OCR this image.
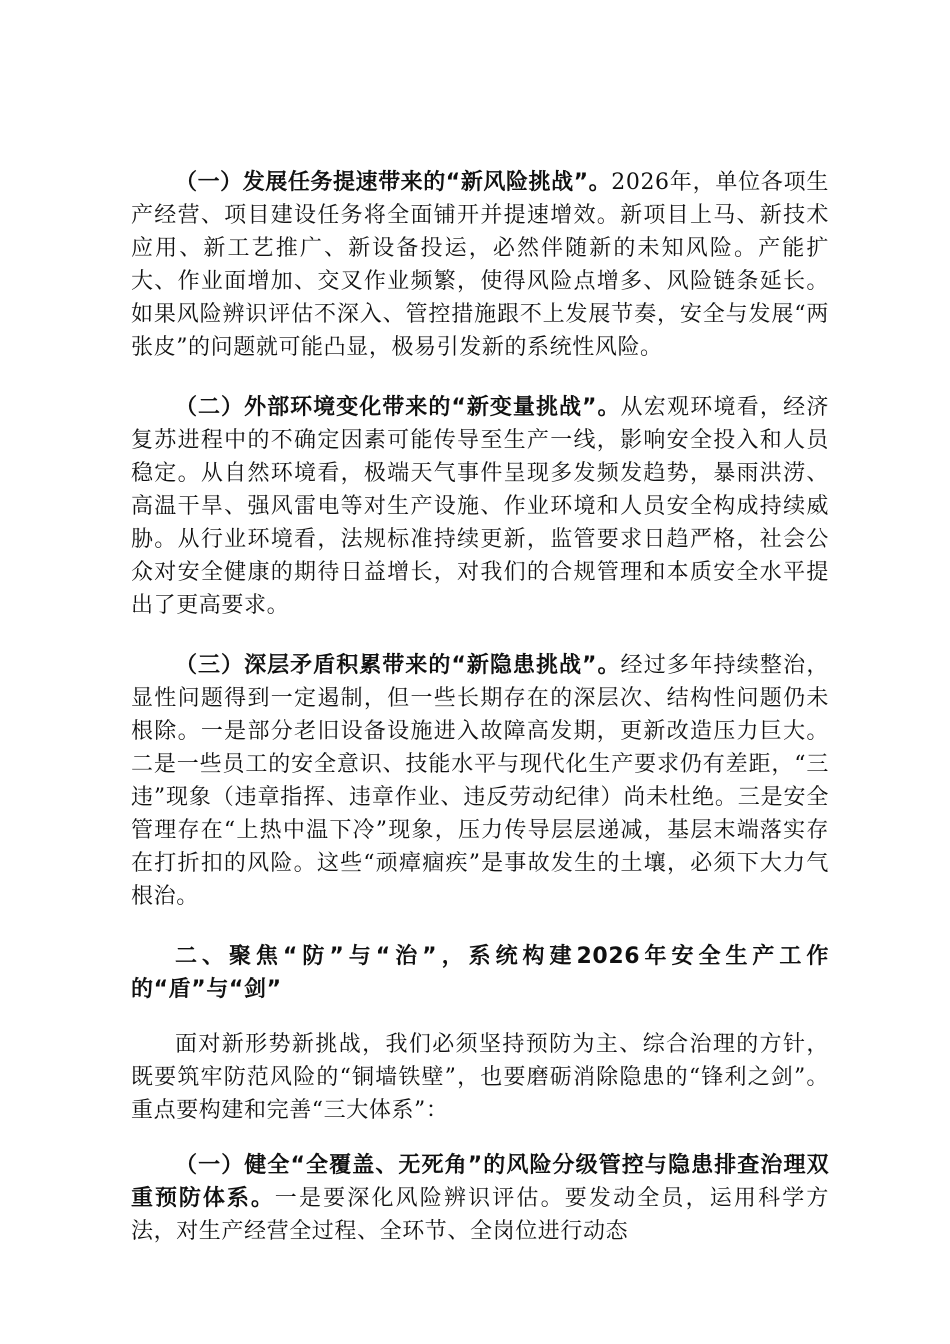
（一）发展任务提速带来的“新风险挑战”。2026年，单位各项生产经营、项目建设任务将全面铺开并提速增效。新项目上马、新技术应用、新工艺推广、新设备投运，必然伴随新的未知风险。产能扩大、作业面增加、交叉作业频繁，使得风险点增多、风险链条延长。如果风险辨识评估不深入、管控措施跟不上发展节奏，安全与发展“两张皮”的问题就可能凸显，极易引发新的系统性风险。

（二）外部环境变化带来的“新变量挑战”。从宏观环境看，经济复苏进程中的不确定因素可能传导至生产一线，影响安全投入和人员稳定。从自然环境看，极端天气事件呈现多发频发趋势，暴雨洪涝、高温干旱、强风雷电等对生产设施、作业环境和人员安全构成持续威胁。从行业环境看，法规标准持续更新，监管要求日趋严格，社会公众对安全健康的期待日益增长，对我们的合规管理和本质安全水平提出了更高要求。

（三）深层矛盾积累带来的“新隐患挑战”。经过多年持续整治，显性问题得到一定遏制，但一些长期存在的深层次、结构性问题仍未根除。一是部分老旧设备设施进入故障高发期，更新改造压力巨大。二是一些员工的安全意识、技能水平与现代化生产要求仍有差距，“三违”现象（违章指挥、违章作业、违反劳动纪律）尚未杜绝。三是安全管理存在“上热中温下冷”现象，压力传导层层递减，基层末端落实存在打折扣的风险。这些“顽瘴痼疾”是事故发生的土壤，必须下大力气根治。

二、聚焦“防”与“治”，系统构建2026年安全生产工作的“盾”与“剑”

面对新形势新挑战，我们必须坚持预防为主、综合治理的方针，既要筑牢防范风险的“铜墙铁壁”，也要磨砺消除隐患的“锋利之剑”。重点要构建和完善“三大体系”：

（一）健全“全覆盖、无死角”的风险分级管控与隐患排查治理双重预防体系。一是要深化风险辨识评估。要发动全员，运用科学方法，对生产经营全过程、全环节、全岗位进行动态
